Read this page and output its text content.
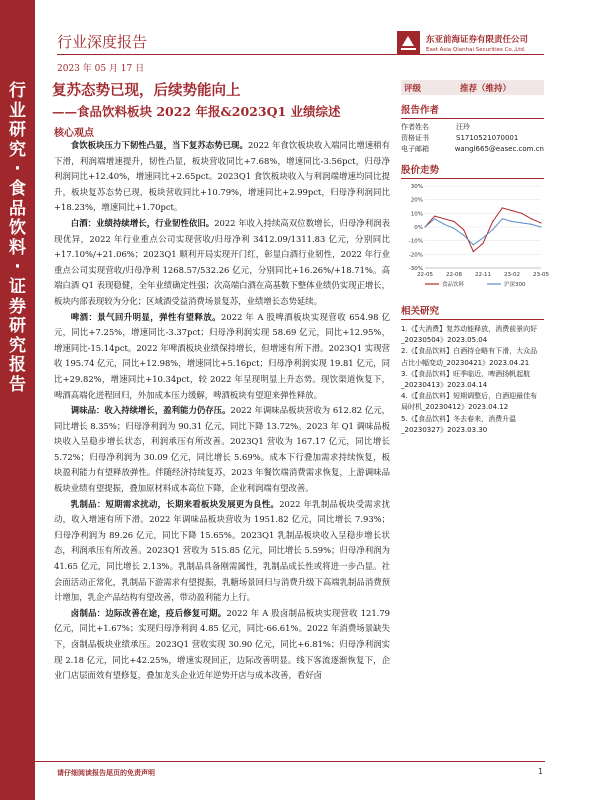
行
业
研
究
·
食
品
饮
料
·
证
券
研
究
报
告
行业深度报告
2023 年 05 月 17 日
东亚前海证券有限责任公司
East Asia Qianhai Securities Co.,Ltd.
复苏态势已现，后续势能向上
——食品饮料板块 2022 年报&2023Q1 业绩综述
核心观点

食饮板块压力下韧性凸显，当下复苏态势已现。2022 年食饮板块收入端同比增速稍有下滑，利润端增速提升，韧性凸显，板块营收同比+7.68%，增速同比-3.56pct，归母净利润同比+12.40%，增速同比+2.65pct。2023Q1 食饮板块收入与利润端增速均同比提升，板块复苏态势已现，板块营收同比+10.79%，增速同比+2.99pct，归母净利润同比+18.23%，增速同比+1.70pct。

白酒：业绩持续增长，行业韧性依旧。2022 年收入持续高双位数增长，归母净利润表现优异，2022 年行业重点公司实现营收/归母净利 3412.09/1311.83 亿元，分别同比+17.10%/+21.06%；2023Q1 顺利开局实现开门红，彰显白酒行业韧性，2022 年行业重点公司实现营收/归母净利 1268.57/532.26 亿元，分别同比+16.26%/+18.71%。高端白酒 Q1 表现稳健，全年业绩确定性强；次高端白酒在高基数下整体业绩仍实现正增长，板块内部表现较为分化；区域酒受益消费场景复苏，业绩增长态势延续。

啤酒：景气回升明显，弹性有望释放。2022 年 A 股啤酒板块实现营收 654.98 亿元，同比+7.25%，增速同比-3.37pct；归母净利润实现 58.69 亿元，同比+12.95%，增速同比-15.14pct。2022 年啤酒板块业绩保持增长，但增速有所下滑。2023Q1 实现营收 195.74 亿元，同比+12.98%，增速同比+5.16pct；归母净利润实现 19.81 亿元，同比+29.82%，增速同比+10.34pct，较 2022 年呈现明显上升态势。现饮渠道恢复下，啤酒高端化进程回归，外加成本压力缓解，啤酒板块有望迎来弹性释放。

调味品：收入持续增长，盈利能力仍存压。2022 年调味品板块营收为 612.82 亿元，同比增长 8.35%；归母净利润为 90.31 亿元，同比下降 13.72%。2023 年 Q1 调味品板块收入呈稳步增长状态，利润承压有所改善。2023Q1 营收为 167.17 亿元，同比增长 5.72%；归母净利润为 30.09 亿元，同比增长 5.69%。成本下行叠加需求持续恢复，板块盈利能力有望释放弹性。伴随经济持续复苏，2023 年餐饮端消费需求恢复，上游调味品板块业绩有望提振，叠加原材料成本高位下降，企业利润端有望改善。

乳制品：短期需求扰动，长期来看板块发展更为良性。2022 年乳制品板块受需求扰动，收入增速有所下滑。2022 年调味品板块营收为 1951.82 亿元，同比增长 7.93%；归母净利润为 89.26 亿元，同比下降 15.65%。2023Q1 乳制品板块收入呈稳步增长状态，利润承压有所改善。2023Q1 营收为 515.85 亿元，同比增长 5.59%；归母净利润为 41.65 亿元，同比增长 2.13%。乳制品具备刚需属性，乳制品成长性或将进一步凸显。社会面活动正常化，乳制品下游需求有望提振，乳糖场景回归与消费升级下高端乳制品消费预计增加，乳企产品结构有望改善，带动盈利能力上行。

卤制品：边际改善在途，疫后修复可期。2022 年 A 股卤制品板块实现营收 121.79 亿元，同比+1.67%；实现归母净利润 4.85 亿元，同比-66.61%。2022 年消费场景缺失下，卤制品板块业绩承压。2023Q1 营收实现 30.90 亿元，同比+6.81%；归母净利润实现 2.18 亿元，同比+42.25%，增速实现回正，边际改善明显。线下客流逐渐恢复下，企业门店层面效有望修复，叠加龙头企业近年逆势开店与成本改善，看好卤

评级	推荐（维持）
报告作者
作者姓名	汪玲
资格证书	S1710521070001
电子邮箱	wangl665@easec.com.cn
股价走势
30%
20%
10%
0%
-10%
-20%
-30%
22-05 22-08 22-11 23-02 23-05
食品饮料	沪深300
相关研究
1.《【大消费】复苏动能释放，消费前景向好_20230504》2023.05.04
2.《【食品饮料】白酒持仓略有下滑，大众品占比小幅变动_20230421》2023.04.21
3.《【食品饮料】旺季临近，啤酒扬帆起航_20230413》2023.04.14
4.《【食品饮料】短期调整后，白酒迎最佳布局时机_20230412》2023.04.12
5.《【食品饮料】冬去春来，消费升温_20230327》2023.03.30
请仔细阅读报告尾页的免责声明	1
